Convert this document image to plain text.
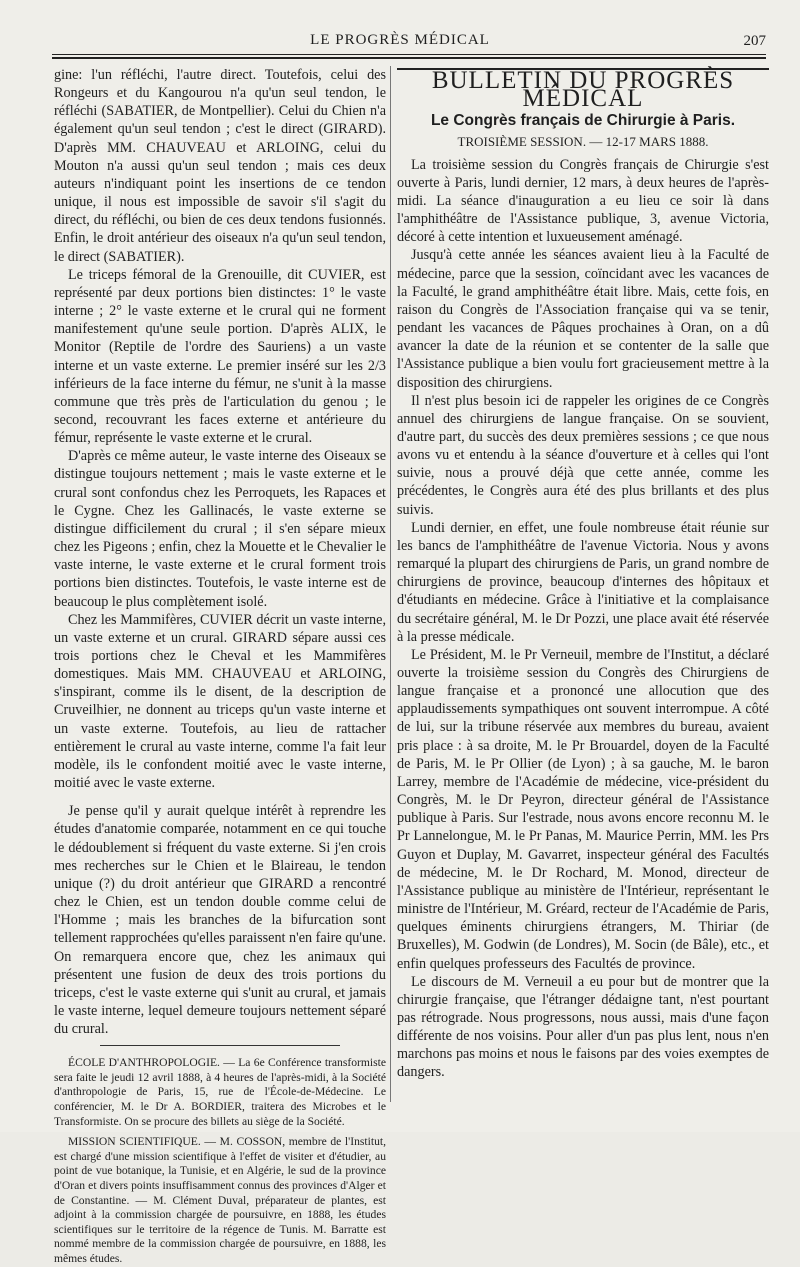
LE PROGRÈS MÉDICAL	207

gine: l'un réfléchi, l'autre direct. Toutefois, celui des Rongeurs et du Kangourou n'a qu'un seul tendon, le réfléchi (SABATIER, de Montpellier). Celui du Chien n'a également qu'un seul tendon ; c'est le direct (GIRARD). D'après MM. CHAUVEAU et ARLOING, celui du Mouton n'a aussi qu'un seul tendon ; mais ces deux auteurs n'indiquant point les insertions de ce tendon unique, il nous est impossible de savoir s'il s'agit du direct, du réfléchi, ou bien de ces deux tendons fusionnés. Enfin, le droit antérieur des oiseaux n'a qu'un seul tendon, le direct (SABATIER).

Le triceps fémoral de la Grenouille, dit CUVIER, est représenté par deux portions bien distinctes: 1° le vaste interne ; 2° le vaste externe et le crural qui ne forment manifestement qu'une seule portion. D'après ALIX, le Monitor (Reptile de l'ordre des Sauriens) a un vaste interne et un vaste externe. Le premier inséré sur les 2/3 inférieurs de la face interne du fémur, ne s'unit à la masse commune que très près de l'articulation du genou ; le second, recouvrant les faces externe et antérieure du fémur, représente le vaste externe et le crural.

D'après ce même auteur, le vaste interne des Oiseaux se distingue toujours nettement ; mais le vaste externe et le crural sont confondus chez les Perroquets, les Rapaces et le Cygne. Chez les Gallinacés, le vaste externe se distingue difficilement du crural ; il s'en sépare mieux chez les Pigeons ; enfin, chez la Mouette et le Chevalier le vaste interne, le vaste externe et le crural forment trois portions bien distinctes. Toutefois, le vaste interne est de beaucoup le plus complètement isolé.

Chez les Mammifères, CUVIER décrit un vaste interne, un vaste externe et un crural. GIRARD sépare aussi ces trois portions chez le Cheval et les Mammifères domestiques. Mais MM. CHAUVEAU et ARLOING, s'inspirant, comme ils le disent, de la description de Cruveilhier, ne donnent au triceps qu'un vaste interne et un vaste externe. Toutefois, au lieu de rattacher entièrement le crural au vaste interne, comme l'a fait leur modèle, ils le confondent moitié avec le vaste interne, moitié avec le vaste externe.

Je pense qu'il y aurait quelque intérêt à reprendre les études d'anatomie comparée, notamment en ce qui touche le dédoublement si fréquent du vaste externe. Si j'en crois mes recherches sur le Chien et le Blaireau, le tendon unique (?) du droit antérieur que GIRARD a rencontré chez le Chien, est un tendon double comme celui de l'Homme ; mais les branches de la bifurcation sont tellement rapprochées qu'elles paraissent n'en faire qu'une. On remarquera encore que, chez les animaux qui présentent une fusion de deux des trois portions du triceps, c'est le vaste externe qui s'unit au crural, et jamais le vaste interne, lequel demeure toujours nettement séparé du crural.

ÉCOLE D'ANTHROPOLOGIE. — La 6e Conférence transformiste sera faite le jeudi 12 avril 1888, à 4 heures de l'après-midi, à la Société d'anthropologie de Paris, 15, rue de l'École-de-Médecine. Le conférencier, M. le Dr A. BORDIER, traitera des Microbes et le Transformiste. On se procure des billets au siège de la Société.

MISSION SCIENTIFIQUE. — M. COSSON, membre de l'Institut, est chargé d'une mission scientifique à l'effet de visiter et d'étudier, au point de vue botanique, la Tunisie, et en Algérie, le sud de la province d'Oran et divers points insuffisamment connus des provinces d'Alger et de Constantine. — M. Clément Duval, préparateur de plantes, est adjoint à la commission chargée de poursuivre, en 1888, les études scientifiques sur le territoire de la régence de Tunis. M. Barratte est nommé membre de la commission chargée de poursuivre, en 1888, les mêmes études.

BULLETIN DU PROGRÈS MÉDICAL
Le Congrès français de Chirurgie à Paris.
TROISIÈME SESSION. — 12-17 MARS 1888.

La troisième session du Congrès français de Chirurgie s'est ouverte à Paris, lundi dernier, 12 mars, à deux heures de l'après-midi. La séance d'inauguration a eu lieu ce soir là dans l'amphithéâtre de l'Assistance publique, 3, avenue Victoria, décoré à cette intention et luxueusement aménagé.

Jusqu'à cette année les séances avaient lieu à la Faculté de médecine, parce que la session, coïncidant avec les vacances de la Faculté, le grand amphithéâtre était libre. Mais, cette fois, en raison du Congrès de l'Association française qui va se tenir, pendant les vacances de Pâques prochaines à Oran, on a dû avancer la date de la réunion et se contenter de la salle que l'Assistance publique a bien voulu fort gracieusement mettre à la disposition des chirurgiens.

Il n'est plus besoin ici de rappeler les origines de ce Congrès annuel des chirurgiens de langue française. On se souvient, d'autre part, du succès des deux premières sessions ; ce que nous avons vu et entendu à la séance d'ouverture et à celles qui l'ont suivie, nous a prouvé déjà que cette année, comme les précédentes, le Congrès aura été des plus brillants et des plus suivis.

Lundi dernier, en effet, une foule nombreuse était réunie sur les bancs de l'amphithéâtre de l'avenue Victoria. Nous y avons remarqué la plupart des chirurgiens de Paris, un grand nombre de chirurgiens de province, beaucoup d'internes des hôpitaux et d'étudiants en médecine. Grâce à l'initiative et la complaisance du secrétaire général, M. le Dr Pozzi, une place avait été réservée à la presse médicale.

Le Président, M. le Pr Verneuil, membre de l'Institut, a déclaré ouverte la troisième session du Congrès des Chirurgiens de langue française et a prononcé une allocution que des applaudissements sympathiques ont souvent interrompue. A côté de lui, sur la tribune réservée aux membres du bureau, avaient pris place : à sa droite, M. le Pr Brouardel, doyen de la Faculté de Paris, M. le Pr Ollier (de Lyon) ; à sa gauche, M. le baron Larrey, membre de l'Académie de médecine, vice-président du Congrès, M. le Dr Peyron, directeur général de l'Assistance publique à Paris. Sur l'estrade, nous avons encore reconnu M. le Pr Lannelongue, M. le Pr Panas, M. Maurice Perrin, MM. les Prs Guyon et Duplay, M. Gavarret, inspecteur général des Facultés de médecine, M. le Dr Rochard, M. Monod, directeur de l'Assistance publique au ministère de l'Intérieur, représentant le ministre de l'Intérieur, M. Gréard, recteur de l'Académie de Paris, quelques éminents chirurgiens étrangers, M. Thiriar (de Bruxelles), M. Godwin (de Londres), M. Socin (de Bâle), etc., et enfin quelques professeurs des Facultés de province.

Le discours de M. Verneuil a eu pour but de montrer que la chirurgie française, que l'étranger dédaigne tant, n'est pourtant pas rétrograde. Nous progressons, nous aussi, mais d'une façon différente de nos voisins. Pour aller d'un pas plus lent, nous n'en marchons pas moins et nous le faisons par des voies exemptes de dangers.
